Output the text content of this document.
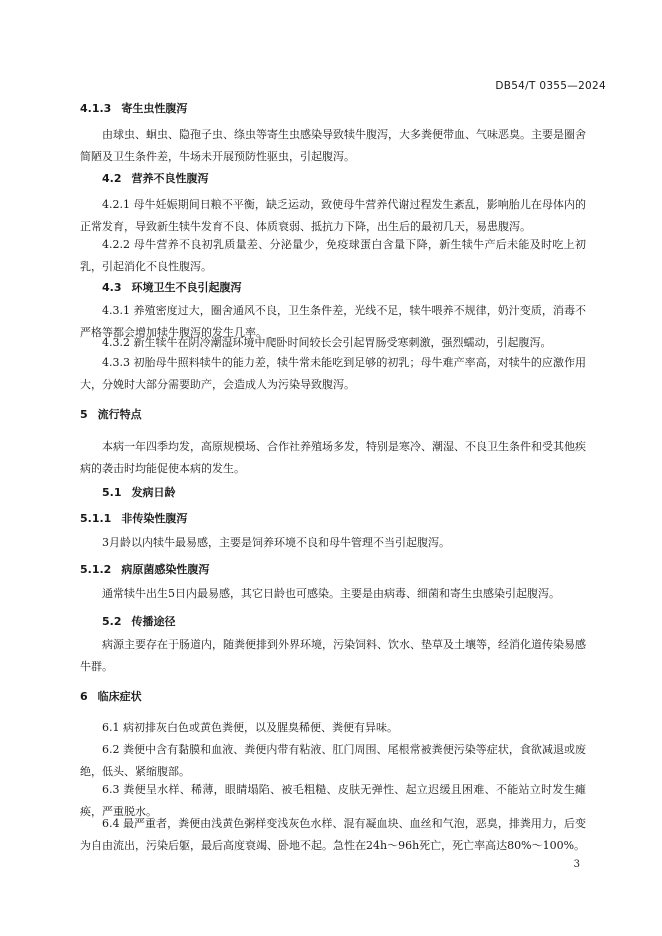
DB54/T 0355—2024
4.1.3 寄生虫性腹泻
由球虫、蛔虫、隐孢子虫、绦虫等寄生虫感染导致犊牛腹泻，大多粪便带血、气味恶臭。主要是圈舍简陋及卫生条件差，牛场未开展预防性驱虫，引起腹泻。
4.2 营养不良性腹泻
4.2.1 母牛妊娠期间日粮不平衡，缺乏运动，致使母牛营养代谢过程发生紊乱，影响胎儿在母体内的正常发育，导致新生犊牛发育不良、体质衰弱、抵抗力下降，出生后的最初几天，易患腹泻。
4.2.2 母牛营养不良初乳质量差、分泌量少，免疫球蛋白含量下降，新生犊牛产后未能及时吃上初乳，引起消化不良性腹泻。
4.3 环境卫生不良引起腹泻
4.3.1 养殖密度过大，圈舍通风不良，卫生条件差，光线不足，犊牛喂养不规律，奶汁变质，消毒不严格等都会增加犊牛腹泻的发生几率。
4.3.2 新生犊牛在阴冷潮湿环境中爬卧时间较长会引起胃肠受寒刺激，强烈蠕动，引起腹泻。
4.3.3 初胎母牛照料犊牛的能力差，犊牛常未能吃到足够的初乳；母牛难产率高，对犊牛的应激作用大，分娩时大部分需要助产，会造成人为污染导致腹泻。
5 流行特点
本病一年四季均发，高原规模场、合作社养殖场多发，特别是寒冷、潮湿、不良卫生条件和受其他疾病的袭击时均能促使本病的发生。
5.1 发病日龄
5.1.1 非传染性腹泻
3月龄以内犊牛最易感，主要是饲养环境不良和母牛管理不当引起腹泻。
5.1.2 病原菌感染性腹泻
通常犊牛出生5日内最易感，其它日龄也可感染。主要是由病毒、细菌和寄生虫感染引起腹泻。
5.2 传播途径
病源主要存在于肠道内，随粪便排到外界环境，污染饲料、饮水、垫草及土壤等，经消化道传染易感牛群。
6 临床症状
6.1 病初排灰白色或黄色粪便，以及腥臭稀便、粪便有异味。
6.2 粪便中含有黏膜和血液、粪便内带有粘液、肛门周围、尾根常被粪便污染等症状，食欲减退或废绝，低头、紧缩腹部。
6.3 粪便呈水样、稀薄，眼睛塌陷、被毛粗糙、皮肤无弹性、起立迟缓且困难、不能站立时发生瘫痪，严重脱水。
6.4 最严重者，粪便由浅黄色粥样变浅灰色水样、混有凝血块、血丝和气泡，恶臭，排粪用力，后变为自由流出，污染后躯，最后高度衰竭、卧地不起。急性在24h～96h死亡，死亡率高达80%～100%。
3
